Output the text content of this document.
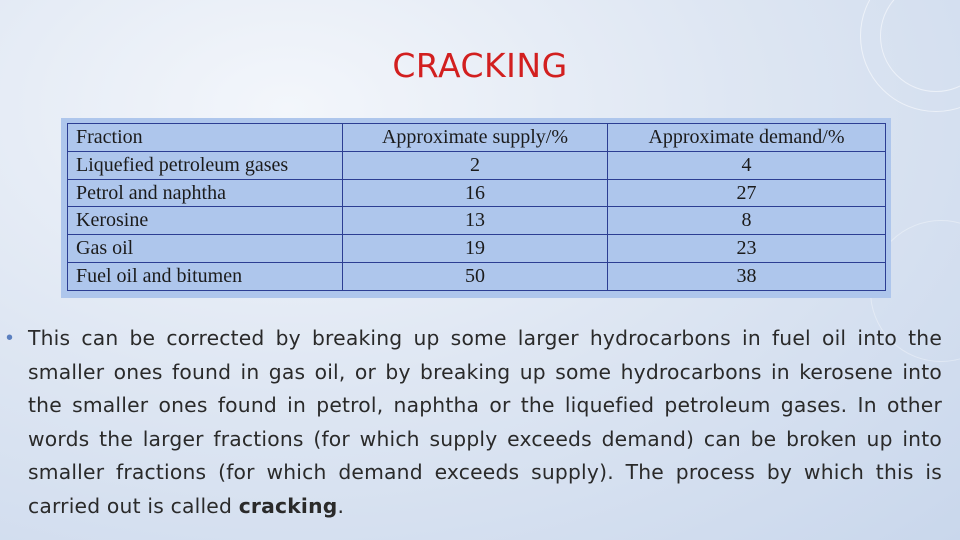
CRACKING
Fraction	Approximate supply/%	Approximate demand/%
Liquefied petroleum gases	2	4
Petrol and naphtha	16	27
Kerosine	13	8
Gas oil	19	23
Fuel oil and bitumen	50	38
• This can be corrected by breaking up some larger hydrocarbons in fuel oil into the smaller ones found in gas oil, or by breaking up some hydrocarbons in kerosene into the smaller ones found in petrol, naphtha or the liquefied petroleum gases. In other words the larger fractions (for which supply exceeds demand) can be broken up into smaller fractions (for which demand exceeds supply). The process by which this is carried out is called cracking.
